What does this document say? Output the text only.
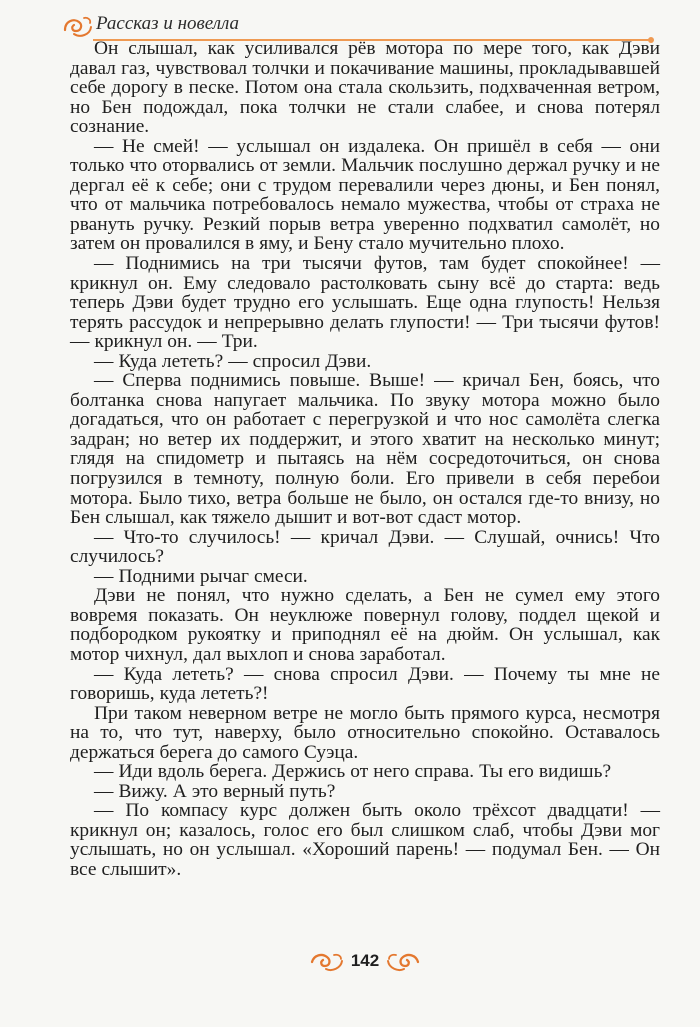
Рассказ и новелла

Он слышал, как усиливался рёв мотора по мере того, как Дэви давал газ, чувствовал толчки и покачивание машины, прокладывавшей себе дорогу в песке. Потом она стала скользить, подхваченная ветром, но Бен подождал, пока толчки не стали слабее, и снова потерял сознание.

— Не смей! — услышал он издалека. Он пришёл в себя — они только что оторвались от земли. Мальчик послушно держал ручку и не дергал её к себе; они с трудом перевалили через дюны, и Бен понял, что от мальчика потребовалось немало мужества, чтобы от страха не рвануть ручку. Резкий порыв ветра уверенно подхватил самолёт, но затем он провалился в яму, и Бену стало мучительно плохо.

— Поднимись на три тысячи футов, там будет спокойнее! — крикнул он. Ему следовало растолковать сыну всё до старта: ведь теперь Дэви будет трудно его услышать. Еще одна глупость! Нельзя терять рассудок и непрерывно делать глупости! — Три тысячи футов! — крикнул он. — Три.

— Куда лететь? — спросил Дэви.

— Сперва поднимись повыше. Выше! — кричал Бен, боясь, что болтанка снова напугает мальчика. По звуку мотора можно было догадаться, что он работает с перегрузкой и что нос самолёта слегка задран; но ветер их поддержит, и этого хватит на несколько минут; глядя на спидометр и пытаясь на нём сосредоточиться, он снова погрузился в темноту, полную боли. Его привели в себя перебои мотора. Было тихо, ветра больше не было, он остался где-то внизу, но Бен слышал, как тяжело дышит и вот-вот сдаст мотор.

— Что-то случилось! — кричал Дэви. — Слушай, очнись! Что случилось?

— Подними рычаг смеси.

Дэви не понял, что нужно сделать, а Бен не сумел ему этого вовремя показать. Он неуклюже повернул голову, поддел щекой и подбородком рукоятку и приподнял её на дюйм. Он услышал, как мотор чихнул, дал выхлоп и снова заработал.

— Куда лететь? — снова спросил Дэви. — Почему ты мне не говоришь, куда лететь?!

При таком неверном ветре не могло быть прямого курса, несмотря на то, что тут, наверху, было относительно спокойно. Оставалось держаться берега до самого Суэца.

— Иди вдоль берега. Держись от него справа. Ты его видишь?

— Вижу. А это верный путь?

— По компасу курс должен быть около трёхсот двадцати! — крикнул он; казалось, голос его был слишком слаб, чтобы Дэви мог услышать, но он услышал. «Хороший парень! — подумал Бен. — Он все слышит».

142
